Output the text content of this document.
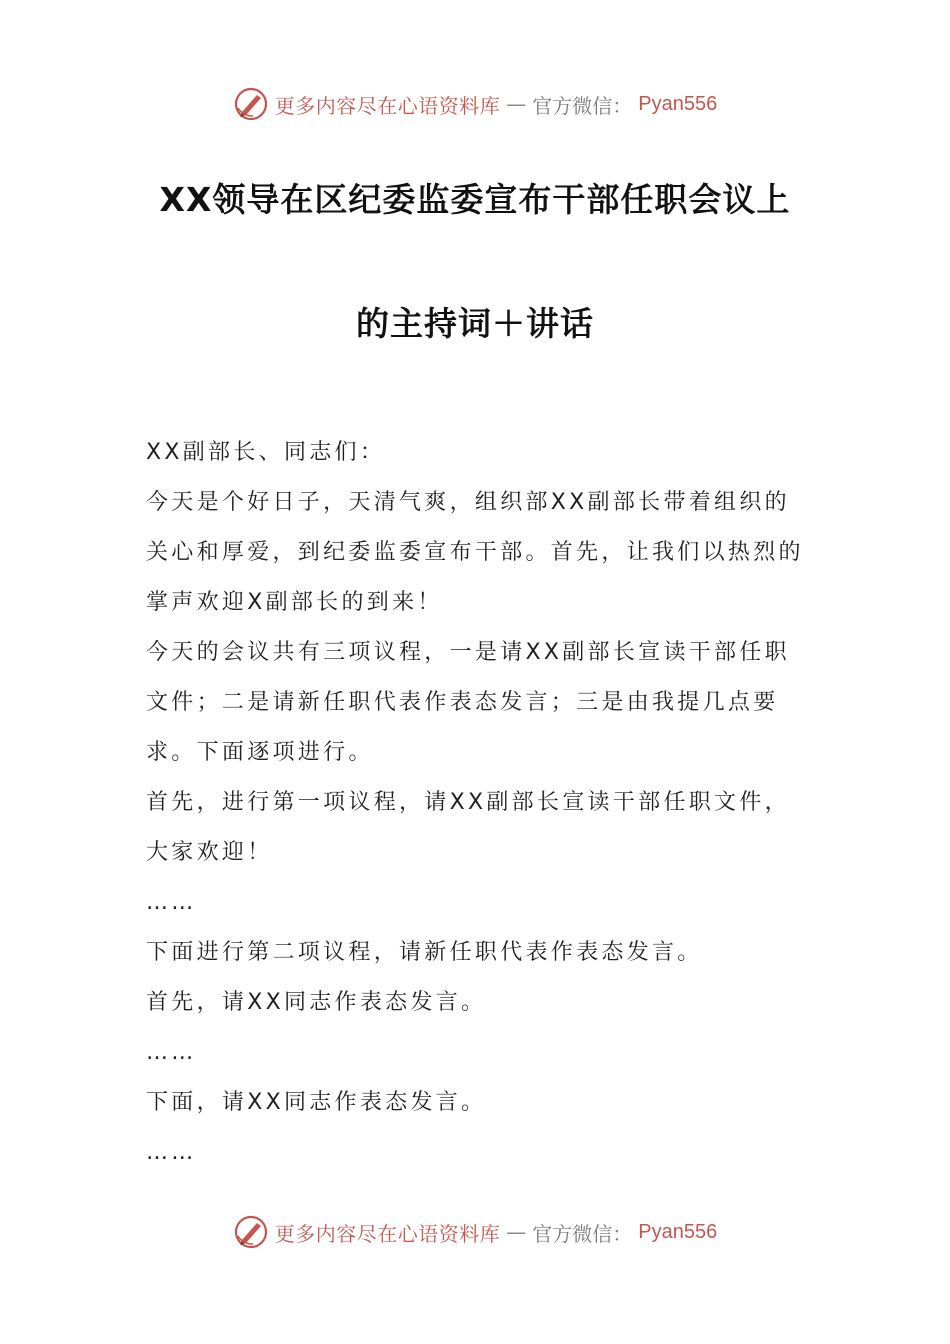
更多内容尽在心语资料库 — 官方微信： Pyan556
XX领导在区纪委监委宣布干部任职会议上
的主持词＋讲话

XX副部长、同志们：

今天是个好日子，天清气爽，组织部XX副部长带着组织的关心和厚爱，到纪委监委宣布干部。首先，让我们以热烈的掌声欢迎X副部长的到来！

今天的会议共有三项议程，一是请XX副部长宣读干部任职文件；二是请新任职代表作表态发言；三是由我提几点要求。下面逐项进行。

首先，进行第一项议程，请XX副部长宣读干部任职文件，大家欢迎！

……

下面进行第二项议程，请新任职代表作表态发言。

首先，请XX同志作表态发言。

……

下面，请XX同志作表态发言。

……

更多内容尽在心语资料库 — 官方微信： Pyan556
